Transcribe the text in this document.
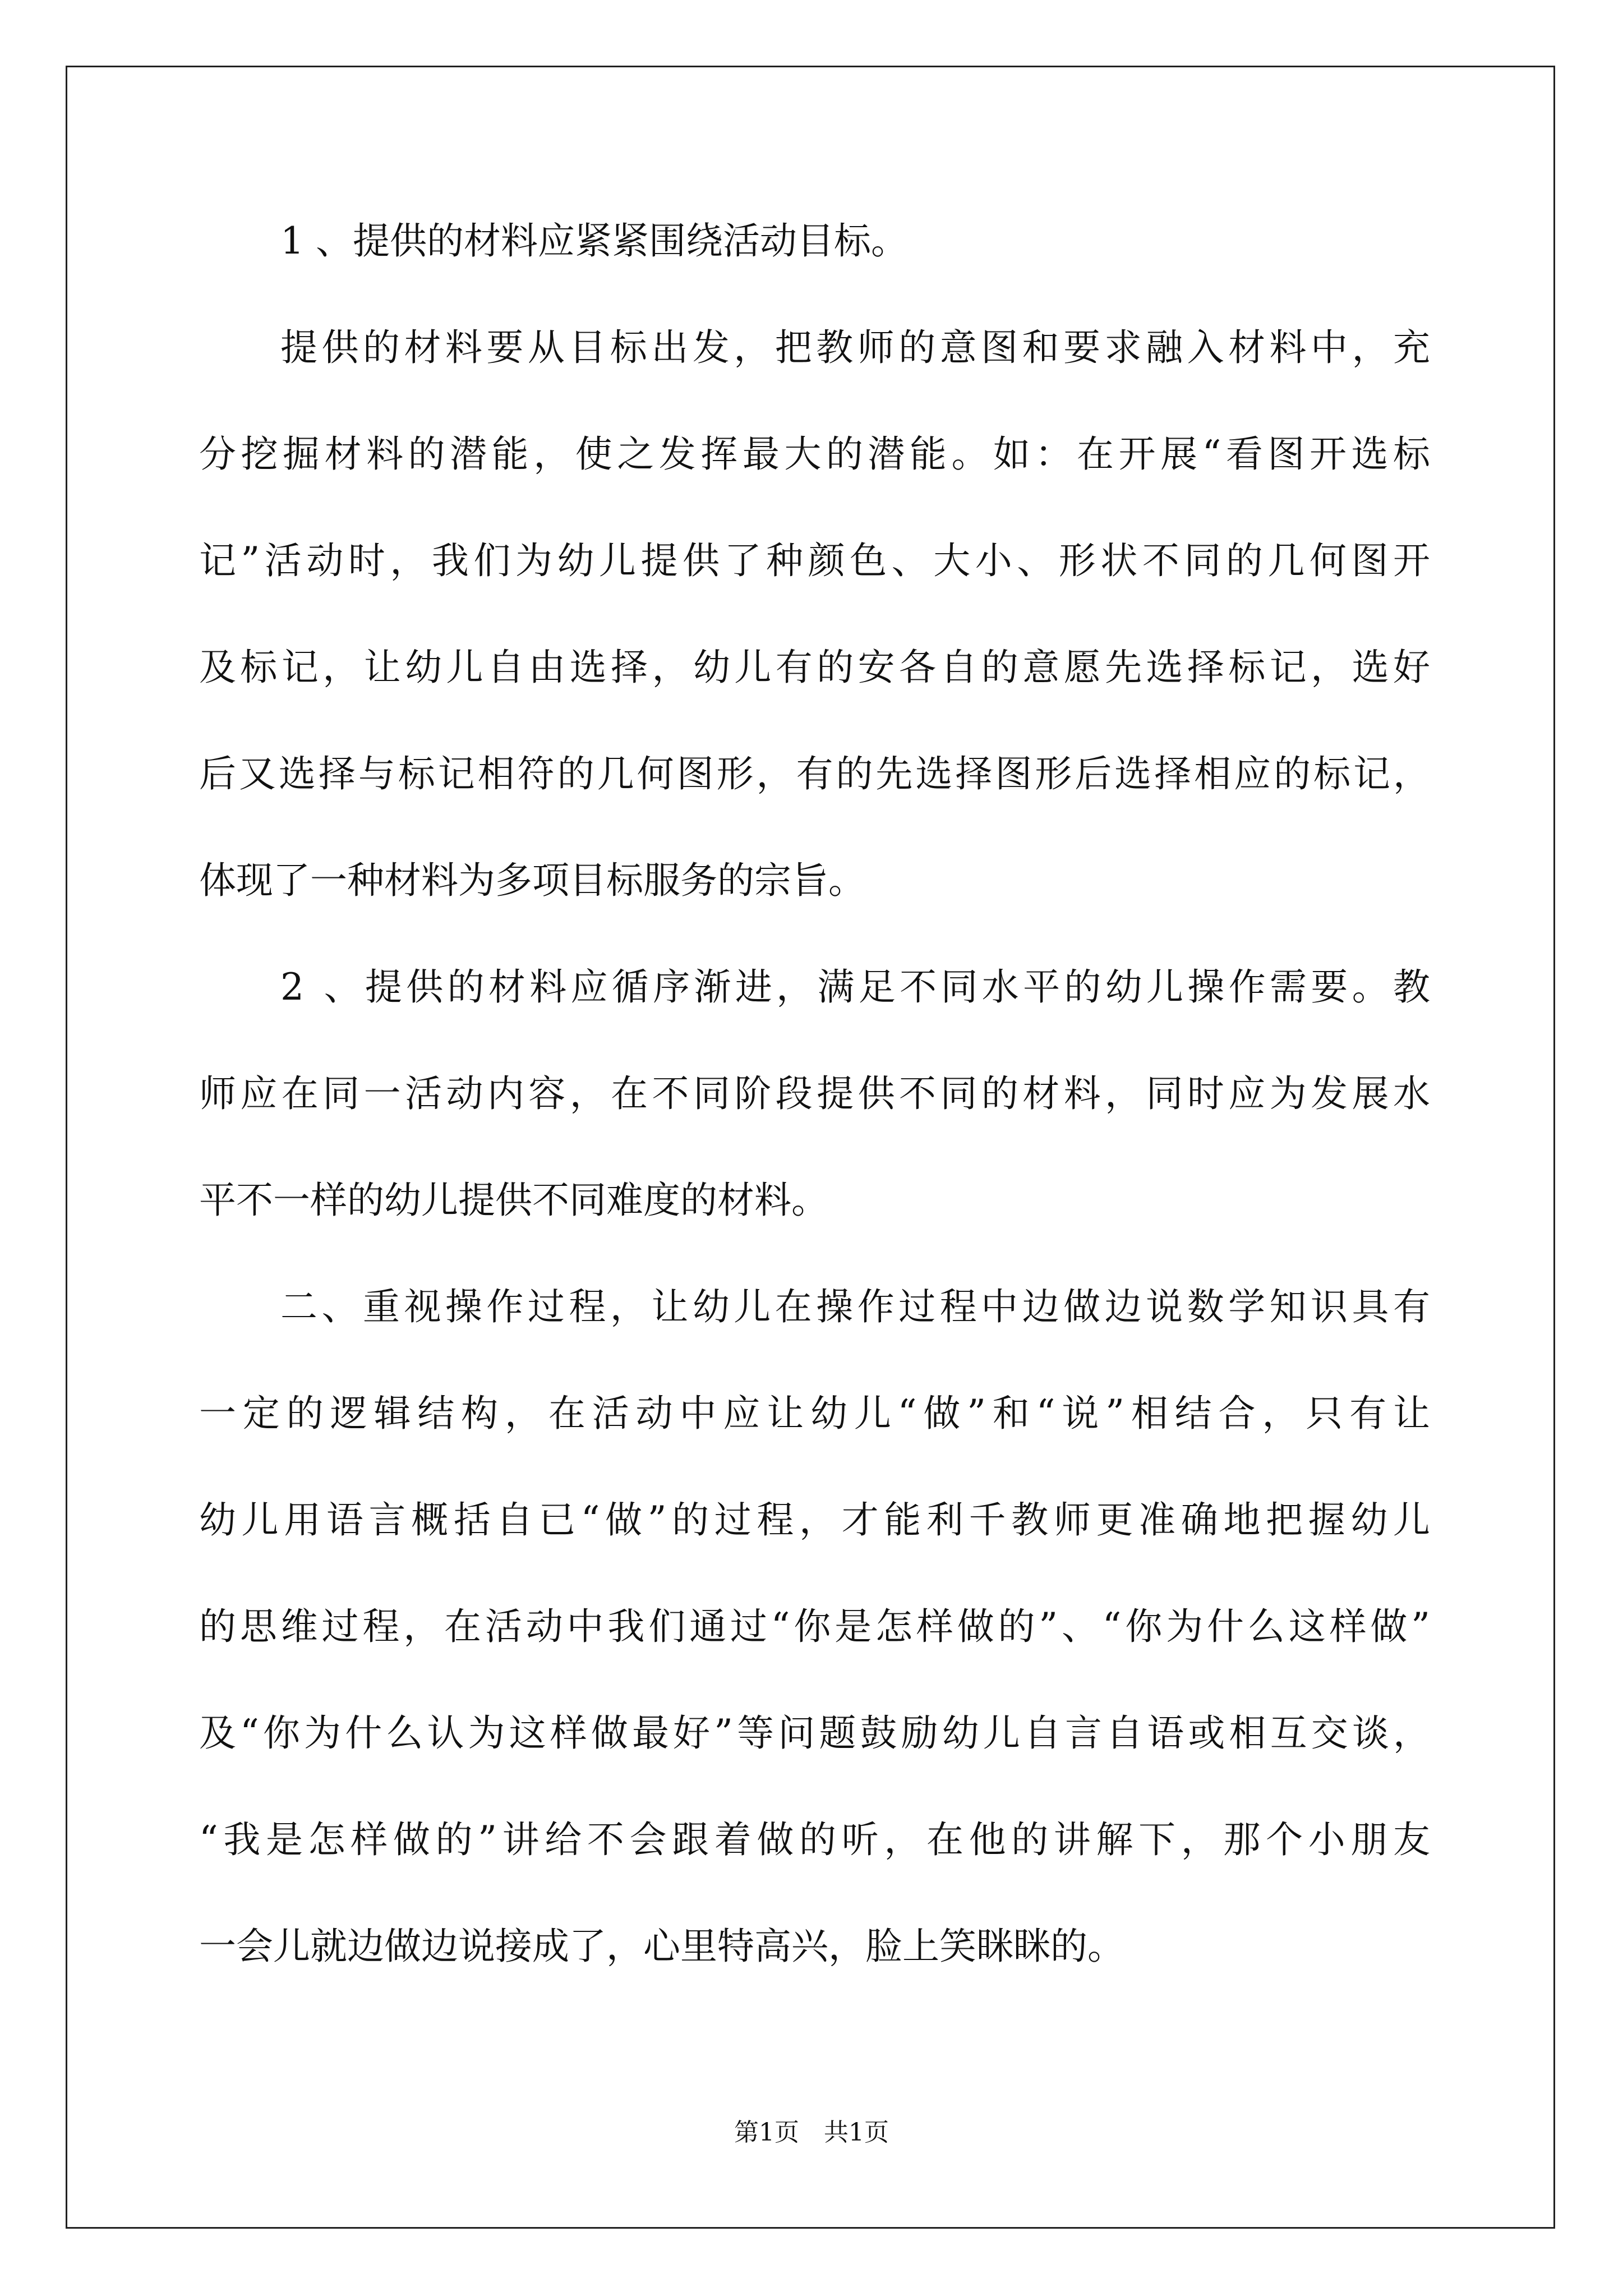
1 、提供的材料应紧紧围绕活动目标。
提供的材料要从目标出发，把教师的意图和要求融入材料中，充
分挖掘材料的潜能，使之发挥最大的潜能。如：在开展“看图开选标
记”活动时，我们为幼儿提供了种颜色、大小、形状不同的几何图开
及标记，让幼儿自由选择，幼儿有的安各自的意愿先选择标记，选好
后又选择与标记相符的几何图形，有的先选择图形后选择相应的标记，
体现了一种材料为多项目标服务的宗旨。
2 、提供的材料应循序渐进，满足不同水平的幼儿操作需要。教
师应在同一活动内容，在不同阶段提供不同的材料，同时应为发展水
平不一样的幼儿提供不同难度的材料。
二、重视操作过程，让幼儿在操作过程中边做边说数学知识具有
一定的逻辑结构，在活动中应让幼儿“做”和“说”相结合，只有让
幼儿用语言概括自已“做”的过程，才能利千教师更准确地把握幼儿
的思维过程，在活动中我们通过“你是怎样做的”、“你为什么这样做”
及“你为什么认为这样做最好”等问题鼓励幼儿自言自语或相互交谈，
“我是怎样做的”讲给不会跟着做的听，在他的讲解下，那个小朋友
一会儿就边做边说接成了，心里特高兴，脸上笑眯眯的。
第1页　共1页
